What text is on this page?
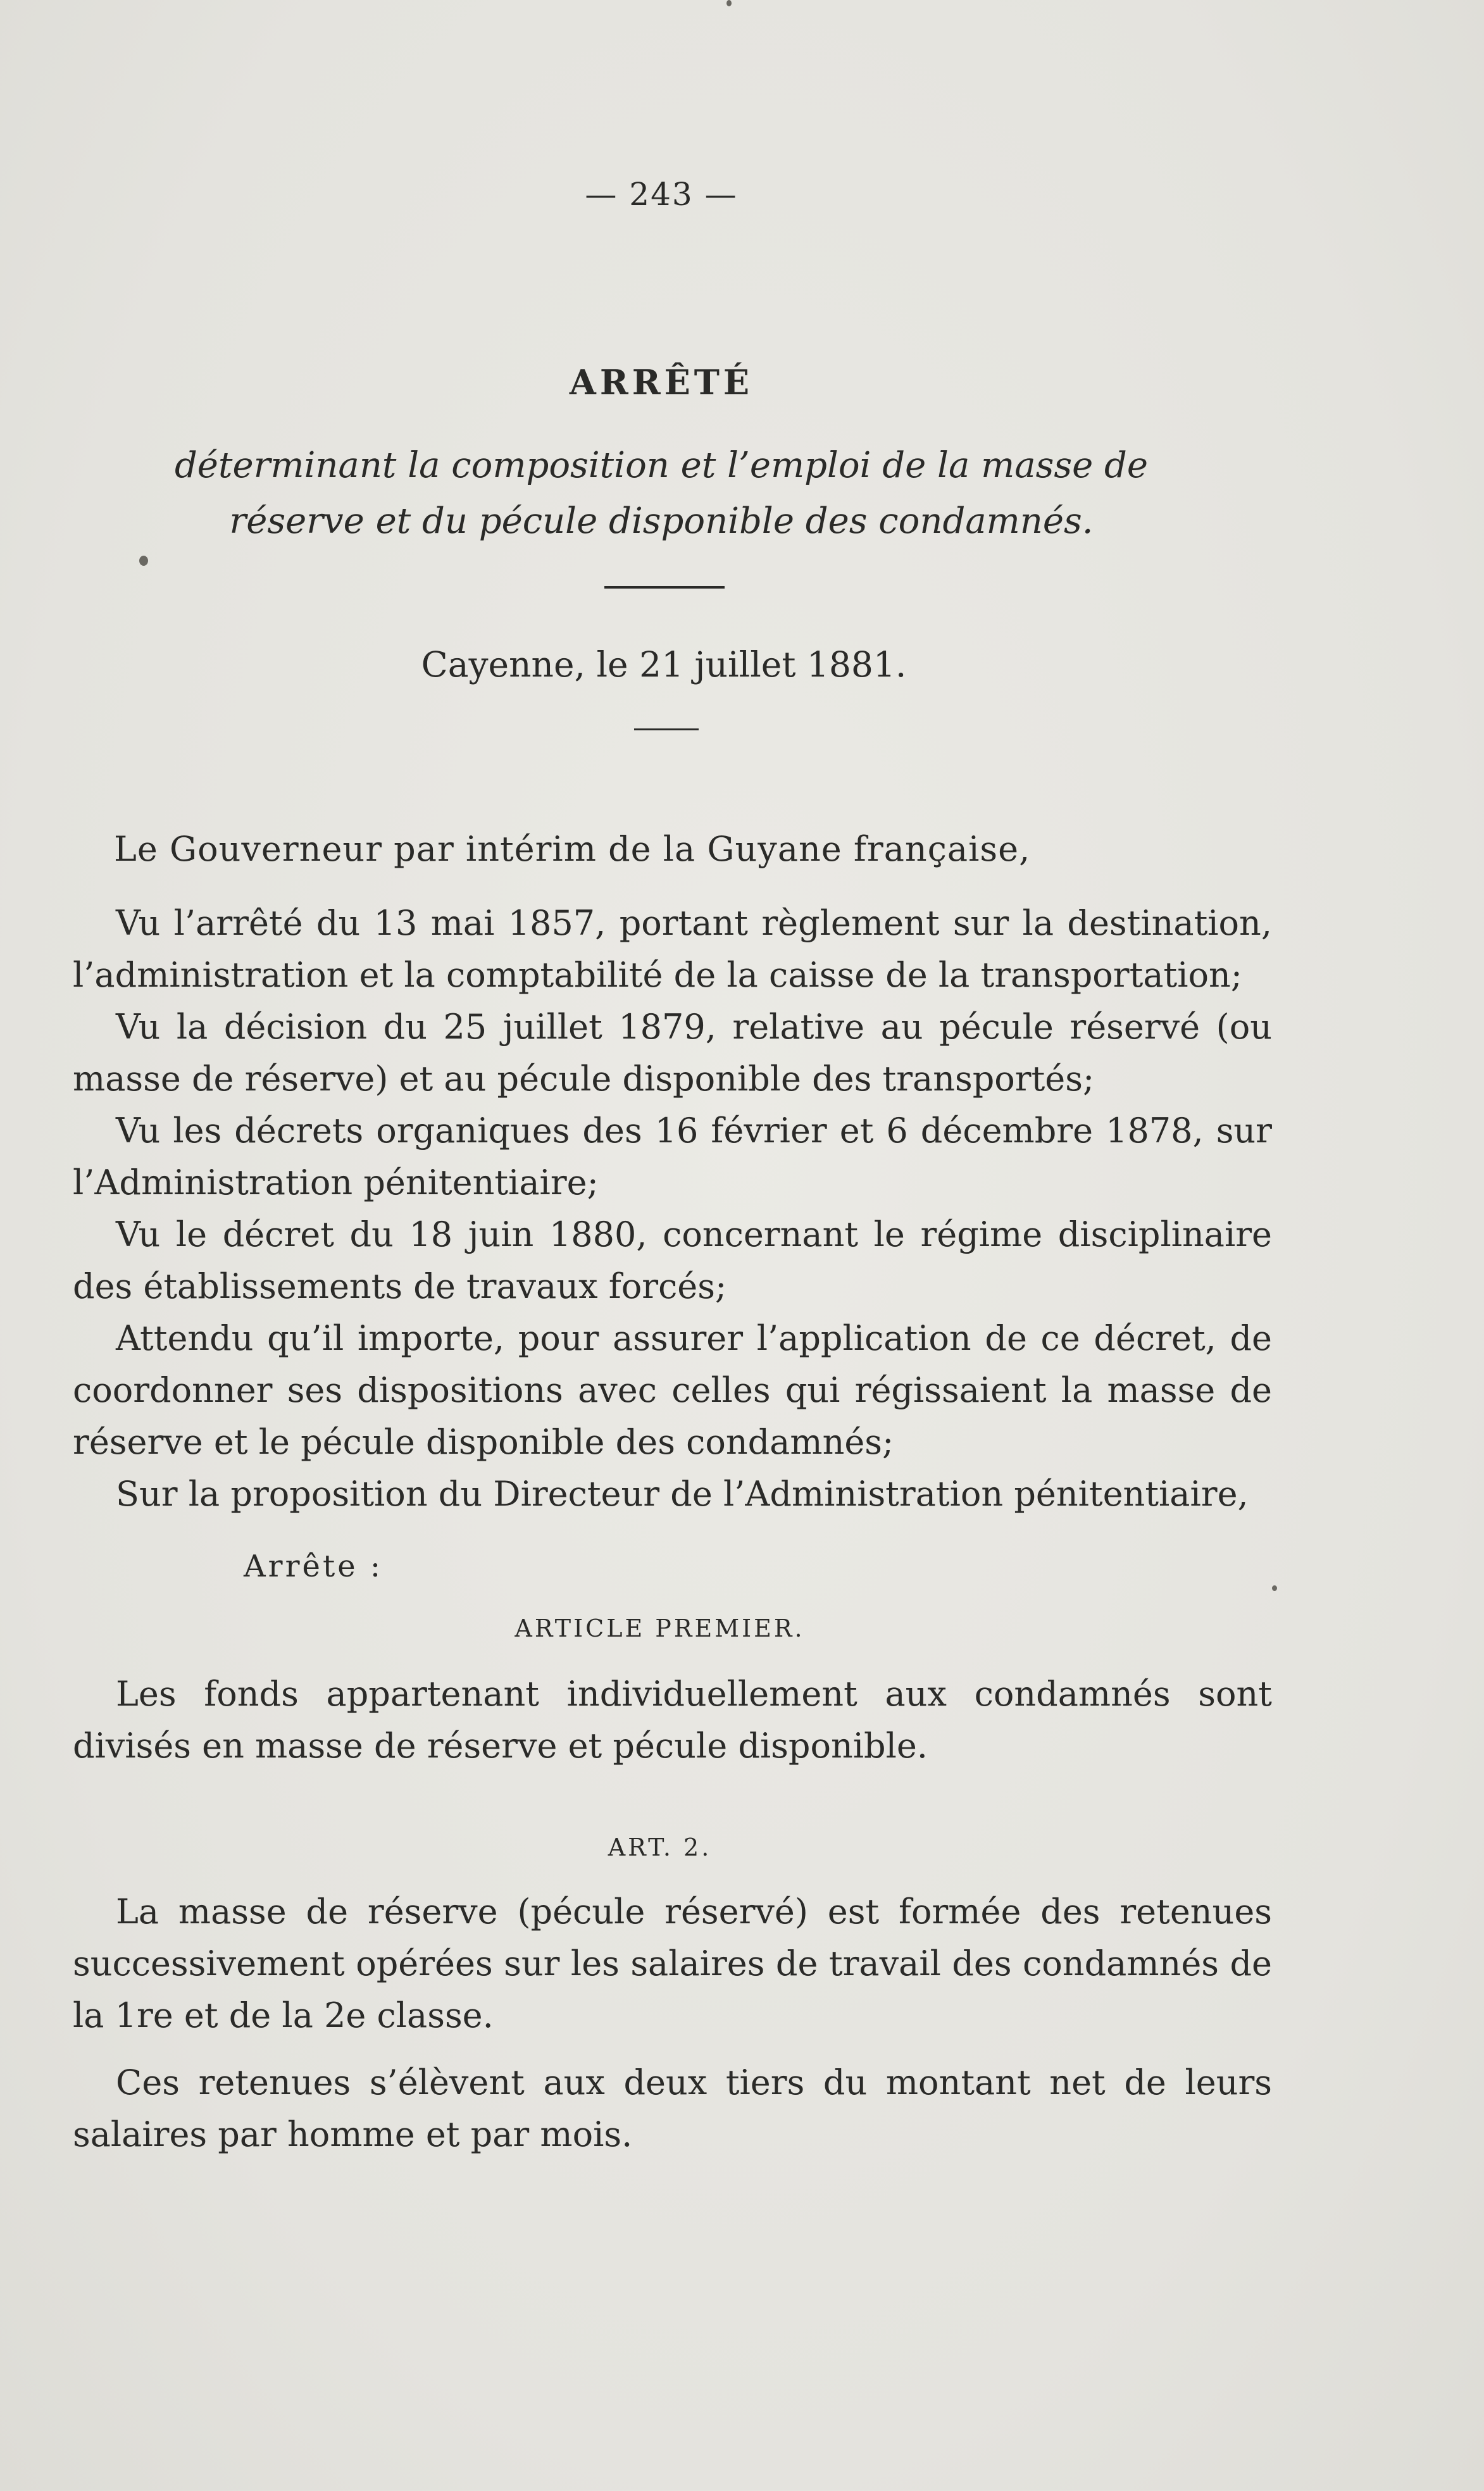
— 243 —
ARRÊTÉ
déterminant la composition et l’emploi de la masse de réserve et du pécule disponible des condamnés.
Cayenne, le 21 juillet 1881.
Le Gouverneur par intérim de la Guyane française,

Vu l’arrêté du 13 mai 1857, portant règlement sur la destination, l’administration et la comptabilité de la caisse de la transportation;

Vu la décision du 25 juillet 1879, relative au pécule réservé (ou masse de réserve) et au pécule disponible des transportés;

Vu les décrets organiques des 16 février et 6 décembre 1878, sur l’Administration pénitentiaire;

Vu le décret du 18 juin 1880, concernant le régime disciplinaire des établissements de travaux forcés;

Attendu qu’il importe, pour assurer l’application de ce décret, de coordonner ses dispositions avec celles qui régissaient la masse de réserve et le pécule disponible des condamnés;

Sur la proposition du Directeur de l’Administration pénitentiaire,

Arrête :
ARTICLE PREMIER.

Les fonds appartenant individuellement aux condamnés sont divisés en masse de réserve et pécule disponible.

ART. 2.

La masse de réserve (pécule réservé) est formée des retenues successivement opérées sur les salaires de travail des condamnés de la 1re et de la 2e classe.

Ces retenues s’élèvent aux deux tiers du montant net de leurs salaires par homme et par mois.
